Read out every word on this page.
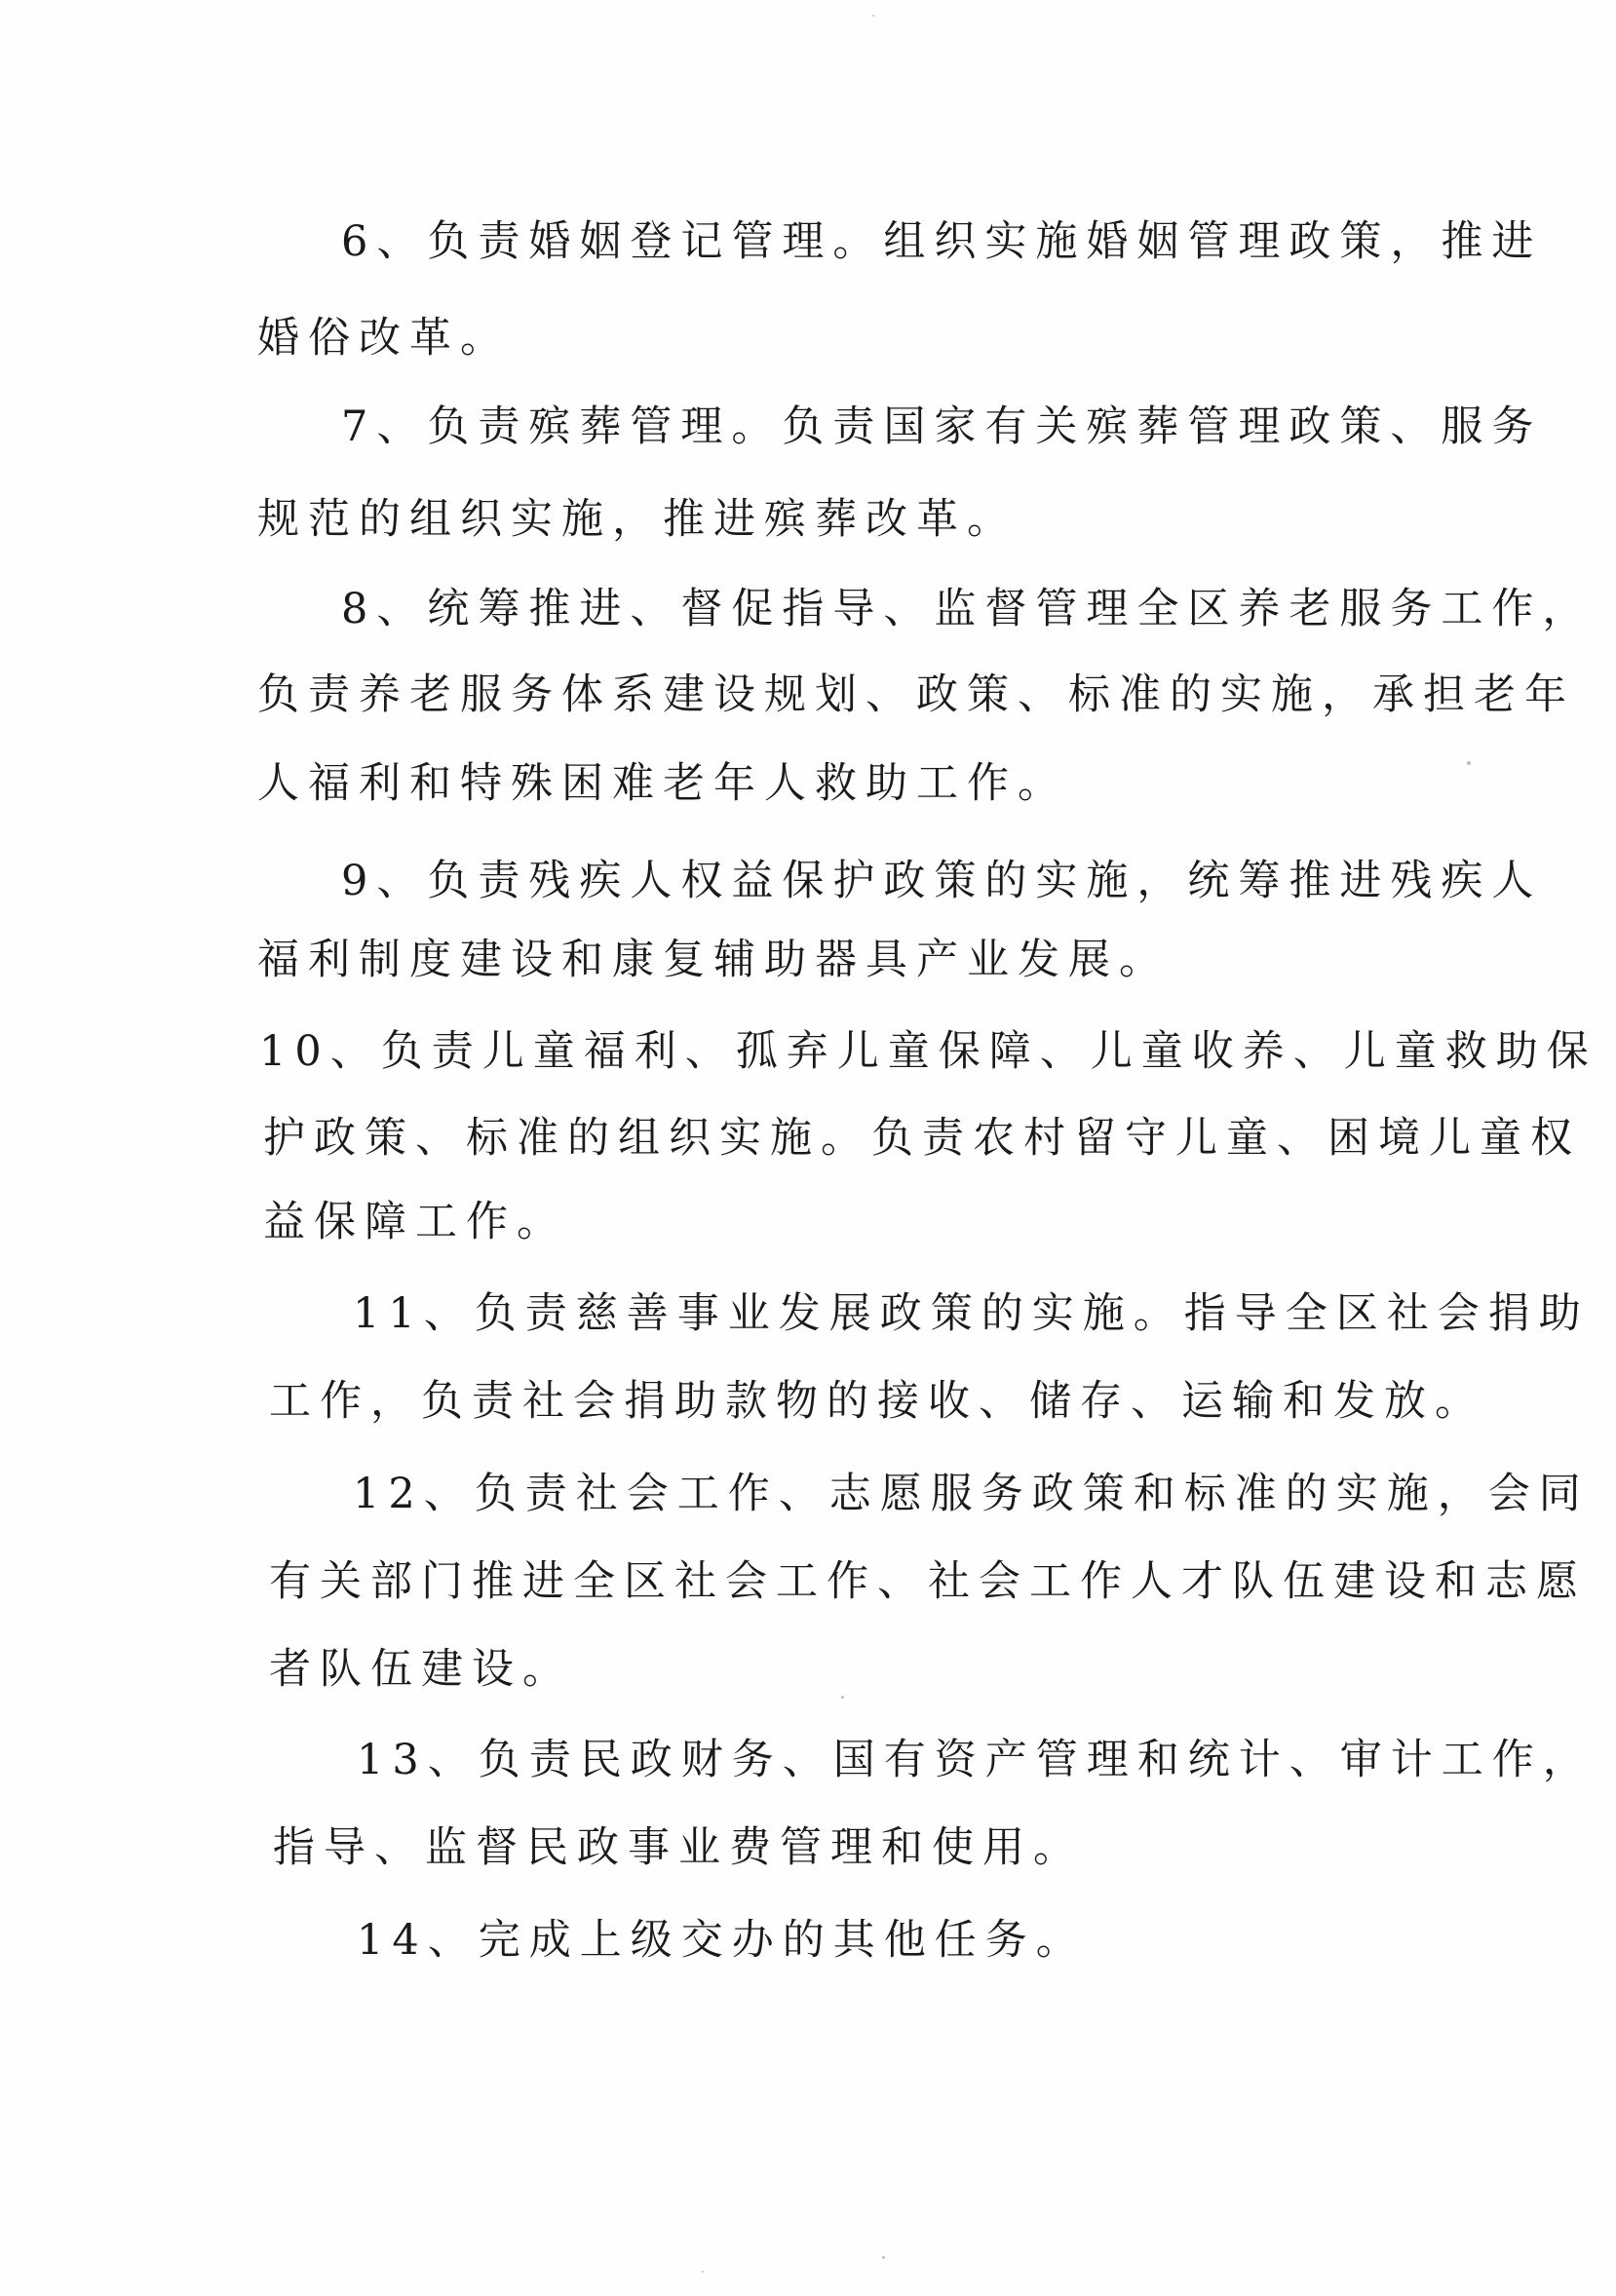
6、负责婚姻登记管理。组织实施婚姻管理政策，推进
婚俗改革。
7、负责殡葬管理。负责国家有关殡葬管理政策、服务
规范的组织实施，推进殡葬改革。
8、统筹推进、督促指导、监督管理全区养老服务工作，
负责养老服务体系建设规划、政策、标准的实施，承担老年
人福利和特殊困难老年人救助工作。
9、负责残疾人权益保护政策的实施，统筹推进残疾人
福利制度建设和康复辅助器具产业发展。
10、负责儿童福利、孤弃儿童保障、儿童收养、儿童救助保
护政策、标准的组织实施。负责农村留守儿童、困境儿童权
益保障工作。
11、负责慈善事业发展政策的实施。指导全区社会捐助
工作，负责社会捐助款物的接收、储存、运输和发放。
12、负责社会工作、志愿服务政策和标准的实施，会同
有关部门推进全区社会工作、社会工作人才队伍建设和志愿
者队伍建设。
13、负责民政财务、国有资产管理和统计、审计工作，
指导、监督民政事业费管理和使用。
14、完成上级交办的其他任务。
